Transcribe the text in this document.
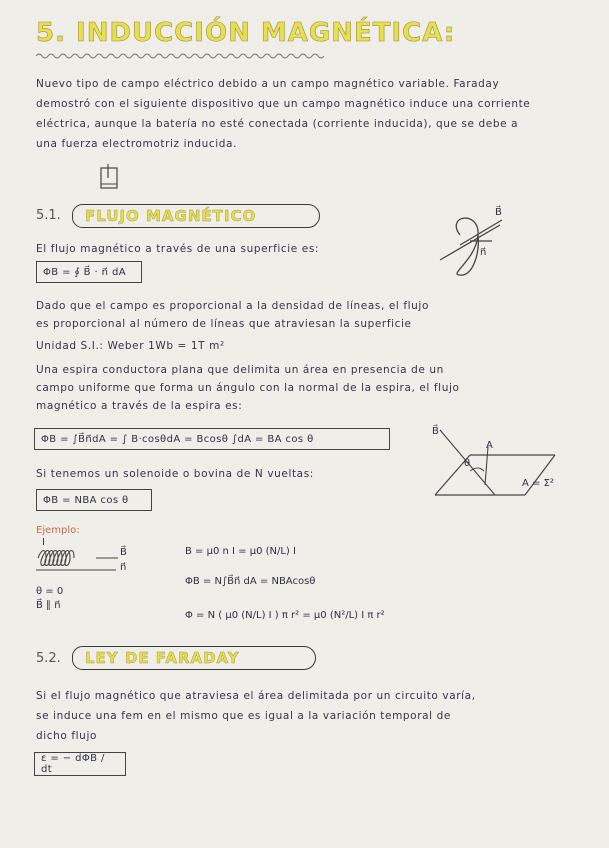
5. INDUCCIÓN MAGNÉTICA:
Nuevo tipo de campo eléctrico debido a un campo magnético variable. Faraday
demostró con el siguiente dispositivo que un campo magnético induce una corriente
eléctrica, aunque la batería no esté conectada (corriente inducida), que se debe a
una fuerza electromotriz inducida.
5.1.	FLUJO MAGNÉTICO
El flujo magnético a través de una superficie es:
ΦB = ∮ B⃗ · n⃗ dA
B⃗
n⃗
Dado que el campo es proporcional a la densidad de líneas, el flujo
es proporcional al número de líneas que atraviesan la superficie
Unidad S.I.: Weber 1Wb = 1T m²
Una espira conductora plana que delimita un área en presencia de un
campo uniforme que forma un ángulo con la normal de la espira, el flujo
magnético a través de la espira es:
ΦB = ∫B⃗n⃗dA = ∫ B·cosθdA = Bcosθ ∫dA = BA cos θ
B⃗
A
θ
A = Σ²
Si tenemos un solenoide o bovina de N vueltas:
ΦB = NBA cos θ
Ejemplo:
I
B⃗
n⃗
θ = 0
B⃗ ∥ n⃗
B = μ0 n I = μ0 (N/L) I
ΦB = N∫B⃗n⃗ dA = NBAcosθ
Φ = N ( μ0 (N/L) I ) π r² = μ0 (N²/L) I π r²
5.2.	LEY DE FARADAY
Si el flujo magnético que atraviesa el área delimitada por un circuito varía,
se induce una fem en el mismo que es igual a la variación temporal de
dicho flujo
ε = − dΦB / dt
